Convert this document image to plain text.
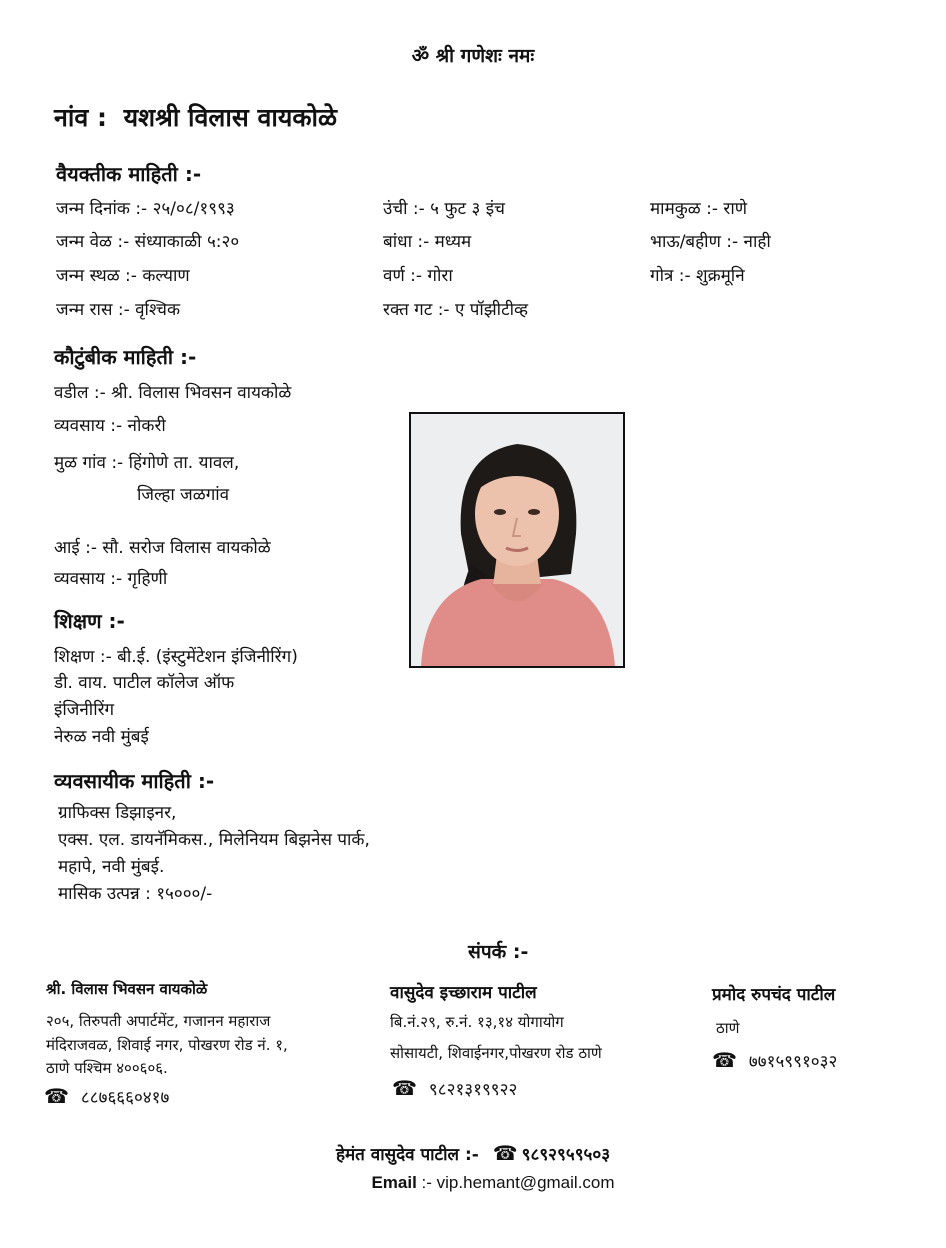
ॐ श्री गणेशः नमः
नांव : यशश्री विलास वायकोळे
वैयक्तीक माहिती :-
जन्म दिनांक :- २५/०८/१९९३
जन्म वेळ :- संध्याकाळी ५:२०
जन्म स्थळ :- कल्याण
जन्म रास :- वृश्चिक
उंची :- ५ फुट ३ इंच
बांधा :- मध्यम
वर्ण :- गोरा
रक्त गट :- ए पॉझीटीव्ह
मामकुळ :- राणे
भाऊ/बहीण :- नाही
गोत्र :- शुक्रमूनि
कौटुंबीक माहिती :-
वडील :- श्री. विलास भिवसन वायकोळे
व्यवसाय :- नोकरी
मुळ गांव :- हिंगोणे ता. यावल,
जिल्हा जळगांव
आई :- सौ. सरोज विलास वायकोळे
व्यवसाय :- गृहिणी
शिक्षण :-
शिक्षण :- बी.ई. (इंस्टुमेंटेशन इंजिनीरिंग)
डी. वाय. पाटील कॉलेज ऑफ
इंजिनीरिंग
नेरुळ नवी मुंबई
व्यवसायीक माहिती :-
ग्राफिक्स डिझाइनर,
एक्स. एल. डायनॅमिकस., मिलेनियम बिझनेस पार्क,
महापे, नवी मुंबई.
मासिक उत्पन्न : १५०००/-
संपर्क :-
श्री. विलास भिवसन वायकोळे
२०५, तिरुपती अपार्टमेंट, गजानन महाराज
मंदिराजवळ, शिवाई नगर, पोखरण रोड नं. १,
ठाणे पश्चिम ४००६०६.
☎ ८८७६६६०४१७
वासुदेव इच्छाराम पाटील
बि.नं.२९, रु.नं. १३,१४ योगायोग
सोसायटी, शिवाईनगर,पोखरण रोड ठाणे
☎ ९८२१३१९९२२
प्रमोद रुपचंद पाटील
ठाणे
☎ ७७१५९९१०३२
हेमंत वासुदेव पाटील :- ☎ ९८९२९५९५०३
Email :- vip.hemant@gmail.com
